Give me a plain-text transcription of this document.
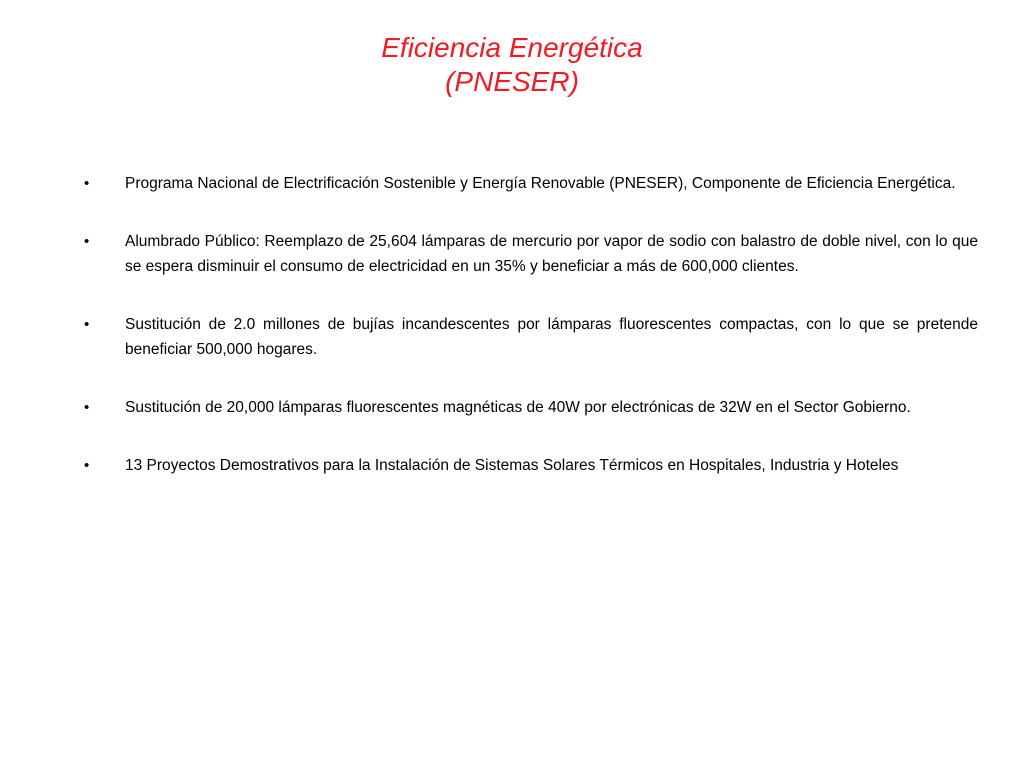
Eficiencia Energética
(PNESER)
•	Programa Nacional de Electrificación Sostenible y Energía Renovable (PNESER), Componente de Eficiencia Energética.
•	Alumbrado Público: Reemplazo de 25,604 lámparas de mercurio por vapor de sodio con balastro de doble nivel, con lo que se espera disminuir el consumo de electricidad en un 35% y beneficiar a más de 600,000 clientes.
•	Sustitución de 2.0 millones de bujías incandescentes por lámparas fluorescentes compactas, con lo que se pretende beneficiar 500,000 hogares.
•	Sustitución de 20,000 lámparas fluorescentes magnéticas de 40W por electrónicas de 32W en el Sector Gobierno.
•	13 Proyectos Demostrativos para la Instalación de Sistemas Solares Térmicos en Hospitales, Industria y Hoteles
